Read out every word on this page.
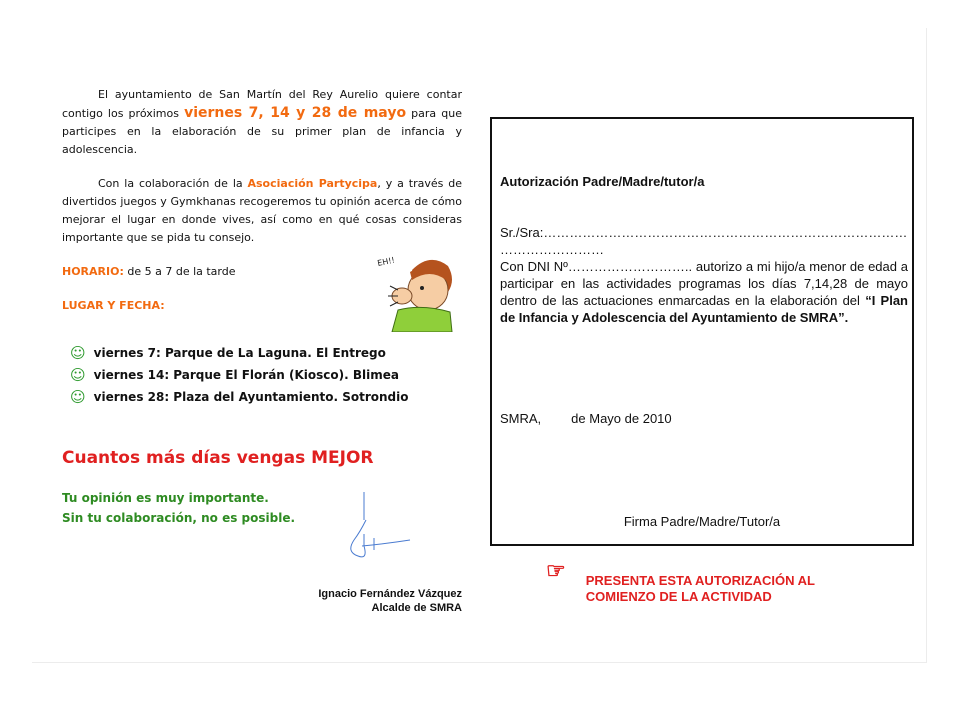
El ayuntamiento de San Martín del Rey Aurelio quiere contar contigo los próximos viernes 7, 14 y 28 de mayo para que participes en la elaboración de su primer plan de infancia y adolescencia.

Con la colaboración de la Asociación Partycipa, y a través de divertidos juegos y Gymkhanas recogeremos tu opinión acerca de cómo mejorar el lugar en donde vives, así como en qué cosas consideras importante que se pida tu consejo.

HORARIO: de 5 a 7 de la tarde

LUGAR Y FECHA:

EH!!
☺ viernes 7: Parque de La Laguna. El Entrego
☺ viernes 14: Parque El Florán (Kiosco). Blimea
☺ viernes 28: Plaza del Ayuntamiento. Sotrondio
Cuantos más días vengas MEJOR
Tu opinión es muy importante.
Sin tu colaboración, no es posible.
Ignacio Fernández Vázquez
Alcalde de SMRA
Autorización Padre/Madre/tutor/a
Sr./Sra:…………………………………………………………………………
……………………
Con DNI Nº……………………….. autorizo a mi hijo/a menor de edad a participar en las actividades programas los días 7,14,28 de mayo dentro de las actuaciones enmarcadas en la elaboración del “I Plan de Infancia y Adolescencia del Ayuntamiento de SMRA”.
SMRA, de Mayo de 2010
Firma Padre/Madre/Tutor/a
☞ PRESENTA ESTA AUTORIZACIÓN AL
COMIENZO DE LA ACTIVIDAD
